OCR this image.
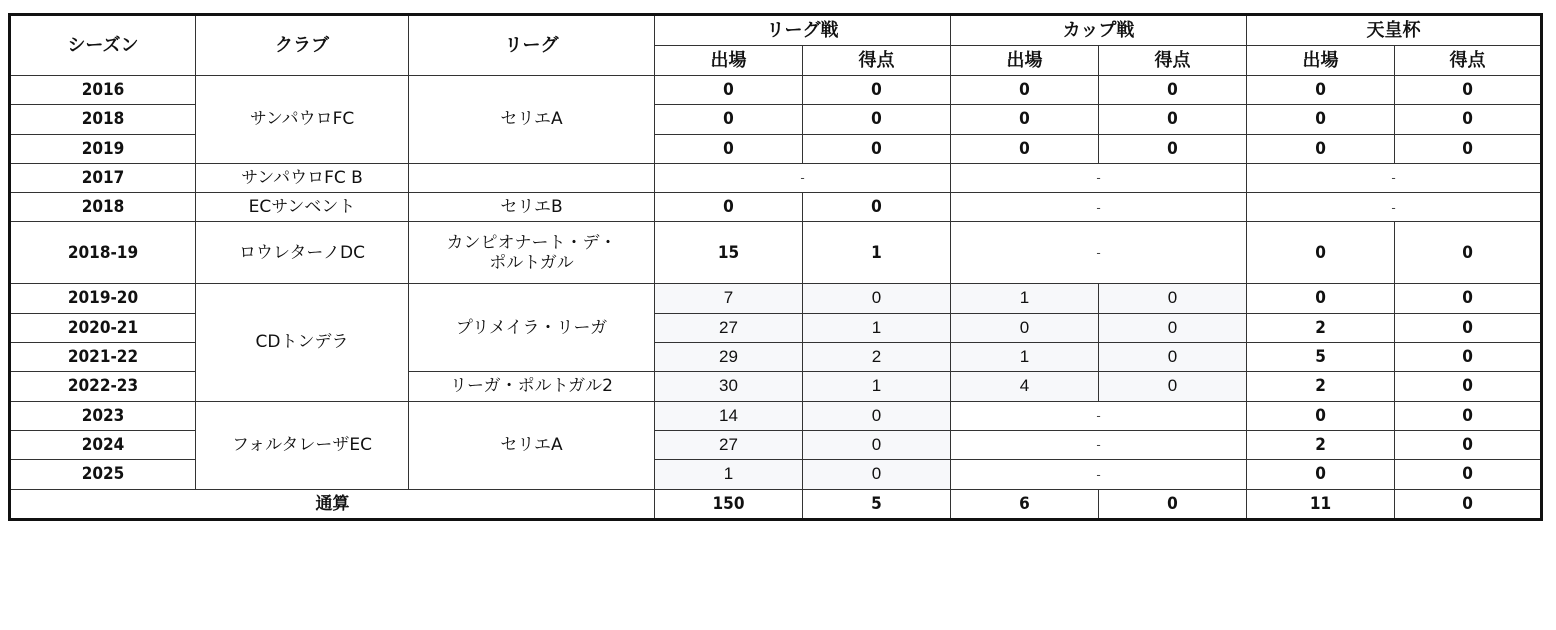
シーズン	クラブ	リーグ	リーグ戦		カップ戦		天皇杯	
			出場	得点	出場	得点	出場	得点
2016	サンパウロFC	セリエA	0	0	0	0	0	0
2018			0	0	0	0	0	0
2019			0	0	0	0	0	0
2017	サンパウロFC B		-		-		-	
2018	ECサンベント	セリエB	0	0	-		-	
2018-19	ロウレターノDC	カンピオナート・デ・
ポルトガル	15	1	-		0	0
2019-20	CDトンデラ	プリメイラ・リーガ	7	0	1	0	0	0
2020-21			27	1	0	0	2	0
2021-22			29	2	1	0	5	0
2022-23		リーガ・ポルトガル2	30	1	4	0	2	0
2023	フォルタレーザEC	セリエA	14	0	-		0	0
2024			27	0	-		2	0
2025			1	0	-		0	0
通算			150	5	6	0	11	0
